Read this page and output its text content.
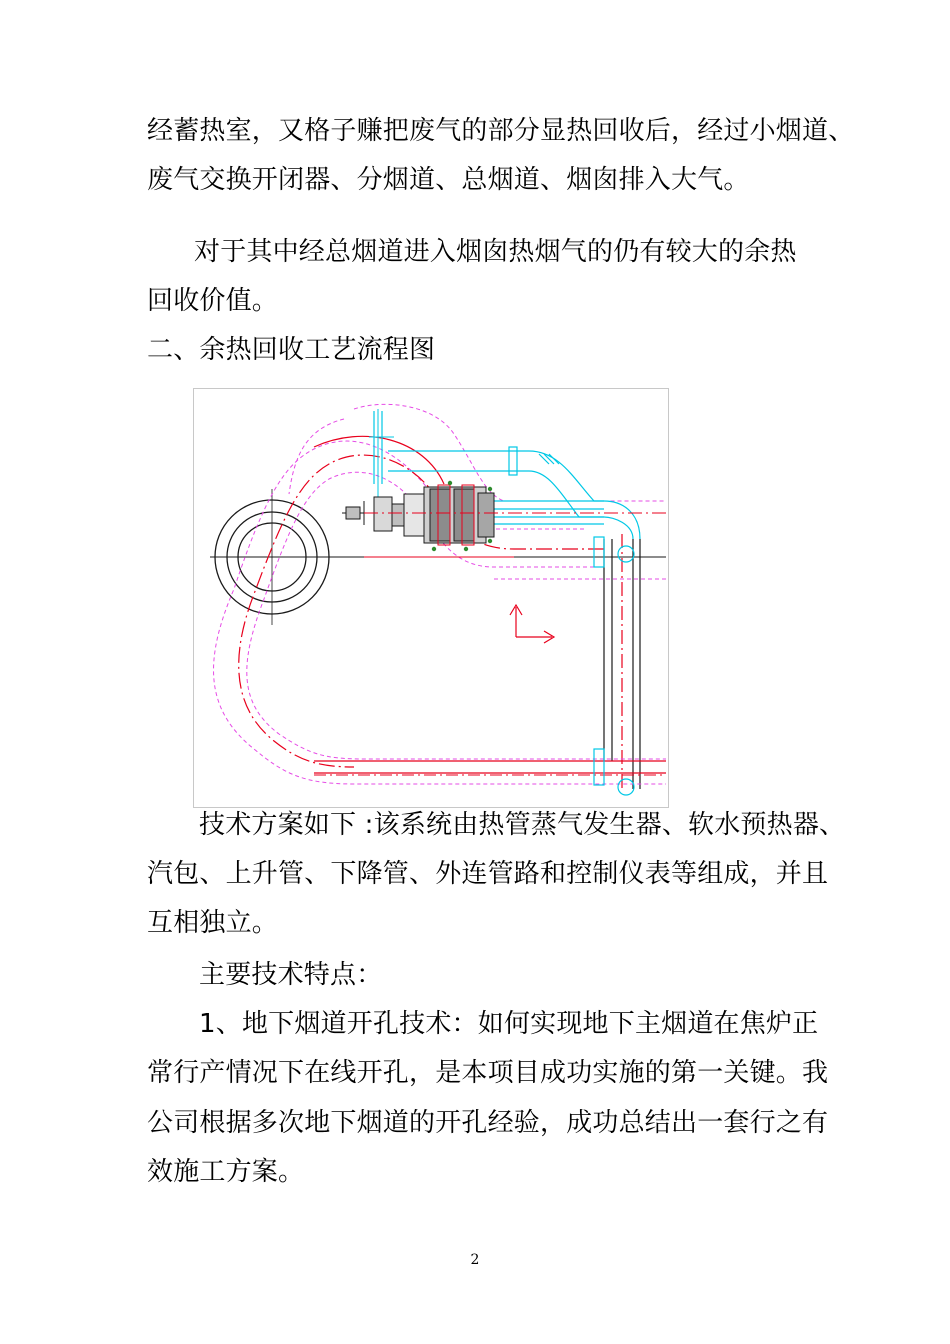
经蓄热室，又格子赚把废气的部分显热回收后，经过小烟道、
废气交换开闭器、分烟道、总烟道、烟囱排入大气。
对于其中经总烟道进入烟囱热烟气的仍有较大的余热
回收价值。
二、余热回收工艺流程图
技术方案如下 :该系统由热管蒸气发生器、软水预热器、
汽包、上升管、下降管、外连管路和控制仪表等组成，并且
互相独立。
主要技术特点：
1、地下烟道开孔技术：如何实现地下主烟道在焦炉正
常行产情况下在线开孔，是本项目成功实施的第一关键。我
公司根据多次地下烟道的开孔经验，成功总结出一套行之有
效施工方案。
2
